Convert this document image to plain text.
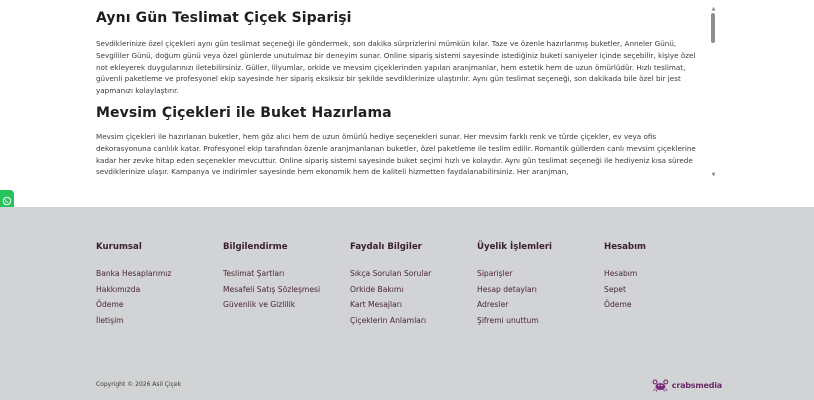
Aynı Gün Teslimat Çiçek Siparişi

Sevdiklerinize özel çiçekleri aynı gün teslimat seçeneği ile göndermek, son dakika sürprizlerini mümkün kılar. Taze ve özenle hazırlanmış buketler, Anneler Günü, Sevgililer Günü, doğum günü veya özel günlerde unutulmaz bir deneyim sunar. Online sipariş sistemi sayesinde istediğiniz buketi saniyeler içinde seçebilir, kişiye özel not ekleyerek duygularınızı iletebilirsiniz. Güller, lilyumlar, orkide ve mevsim çiçeklerinden yapılan aranjmanlar, hem estetik hem de uzun ömürlüdür. Hızlı teslimat, güvenli paketleme ve profesyonel ekip sayesinde her sipariş eksiksiz bir şekilde sevdiklerinize ulaştırılır. Aynı gün teslimat seçeneği, son dakikada bile özel bir jest yapmanızı kolaylaştırır.

Mevsim Çiçekleri ile Buket Hazırlama

Mevsim çiçekleri ile hazırlanan buketler, hem göz alıcı hem de uzun ömürlü hediye seçenekleri sunar. Her mevsim farklı renk ve türde çiçekler, ev veya ofis dekorasyonuna canlılık katar. Profesyonel ekip tarafından özenle aranjmanlanan buketler, özel paketleme ile teslim edilir. Romantik güllerden canlı mevsim çiçeklerine kadar her zevke hitap eden seçenekler mevcuttur. Online sipariş sistemi sayesinde buket seçimi hızlı ve kolaydır. Aynı gün teslimat seçeneği ile hediyeniz kısa sürede sevdiklerinize ulaşır. Kampanya ve indirimler sayesinde hem ekonomik hem de kaliteli hizmetten faydalanabilirsiniz. Her aranjman,

▲
▼
Kurumsal
Banka Hesaplarımız
Hakkımızda
Ödeme
İletişim
Bilgilendirme
Teslimat Şartları
Mesafeli Satış Sözleşmesi
Güvenlik ve Gizlilik
Faydalı Bilgiler
Sıkça Sorulan Sorular
Orkide Bakımı
Kart Mesajları
Çiçeklerin Anlamları
Üyelik İşlemleri
Siparişler
Hesap detayları
Adresler
Şifremi unuttum
Hesabım
Hesabım
Sepet
Ödeme
Copyright © 2026 Asil Çiçek	crabsmedia
